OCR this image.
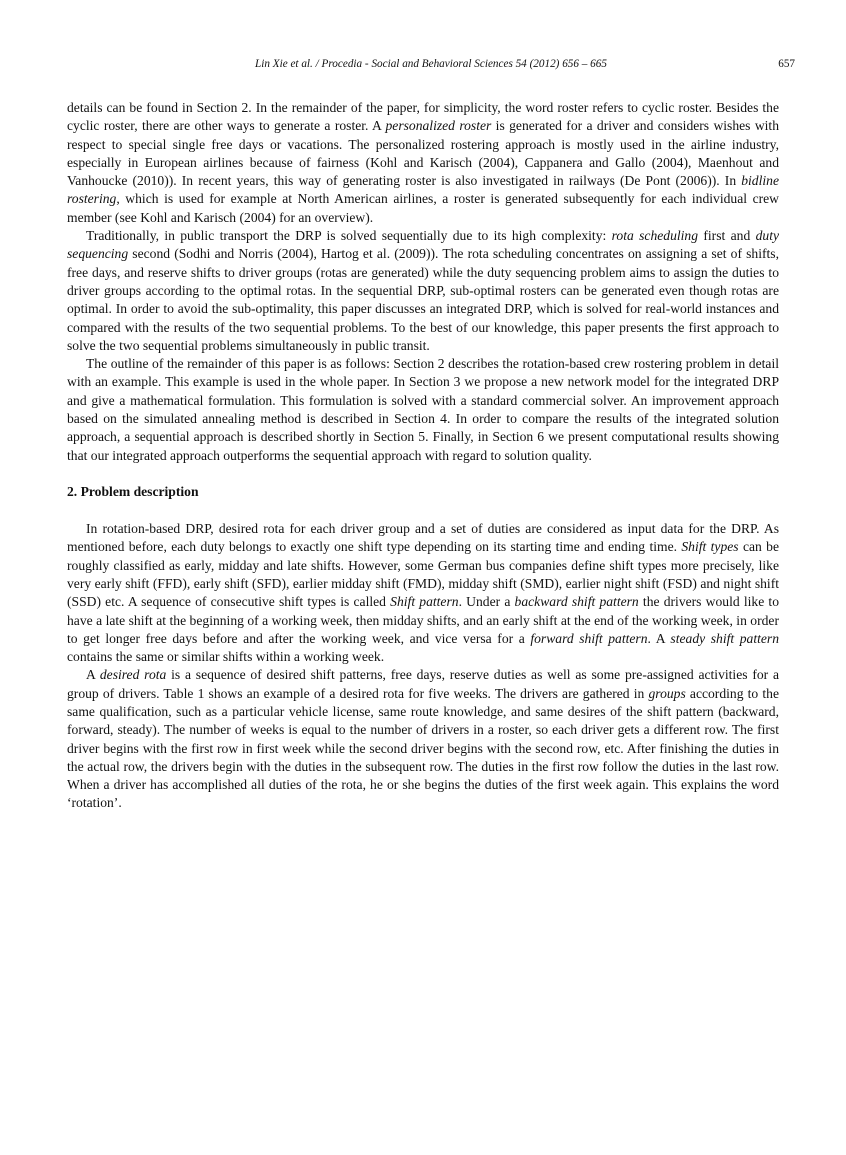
Lin Xie et al. / Procedia - Social and Behavioral Sciences 54 (2012) 656 – 665	657

details can be found in Section 2. In the remainder of the paper, for simplicity, the word roster refers to cyclic roster. Besides the cyclic roster, there are other ways to generate a roster. A personalized roster is generated for a driver and considers wishes with respect to special single free days or vacations. The personalized rostering approach is mostly used in the airline industry, especially in European airlines because of fairness (Kohl and Karisch (2004), Cappanera and Gallo (2004), Maenhout and Vanhoucke (2010)). In recent years, this way of generating roster is also investigated in railways (De Pont (2006)). In bidline rostering, which is used for example at North American airlines, a roster is generated subsequently for each individual crew member (see Kohl and Karisch (2004) for an overview).

Traditionally, in public transport the DRP is solved sequentially due to its high complexity: rota scheduling first and duty sequencing second (Sodhi and Norris (2004), Hartog et al. (2009)). The rota scheduling concentrates on assigning a set of shifts, free days, and reserve shifts to driver groups (rotas are generated) while the duty sequencing problem aims to assign the duties to driver groups according to the optimal rotas. In the sequential DRP, sub-optimal rosters can be generated even though rotas are optimal. In order to avoid the sub-optimality, this paper discusses an integrated DRP, which is solved for real-world instances and compared with the results of the two sequential problems. To the best of our knowledge, this paper presents the first approach to solve the two sequential problems simultaneously in public transit.

The outline of the remainder of this paper is as follows: Section 2 describes the rotation-based crew rostering problem in detail with an example. This example is used in the whole paper. In Section 3 we propose a new network model for the integrated DRP and give a mathematical formulation. This formulation is solved with a standard commercial solver. An improvement approach based on the simulated annealing method is described in Section 4. In order to compare the results of the integrated solution approach, a sequential approach is described shortly in Section 5. Finally, in Section 6 we present computational results showing that our integrated approach outperforms the sequential approach with regard to solution quality.

2. Problem description

In rotation-based DRP, desired rota for each driver group and a set of duties are considered as input data for the DRP. As mentioned before, each duty belongs to exactly one shift type depending on its starting time and ending time. Shift types can be roughly classified as early, midday and late shifts. However, some German bus companies define shift types more precisely, like very early shift (FFD), early shift (SFD), earlier midday shift (FMD), midday shift (SMD), earlier night shift (FSD) and night shift (SSD) etc. A sequence of consecutive shift types is called Shift pattern. Under a backward shift pattern the drivers would like to have a late shift at the beginning of a working week, then midday shifts, and an early shift at the end of the working week, in order to get longer free days before and after the working week, and vice versa for a forward shift pattern. A steady shift pattern contains the same or similar shifts within a working week.

A desired rota is a sequence of desired shift patterns, free days, reserve duties as well as some pre-assigned activities for a group of drivers. Table 1 shows an example of a desired rota for five weeks. The drivers are gathered in groups according to the same qualification, such as a particular vehicle license, same route knowledge, and same desires of the shift pattern (backward, forward, steady). The number of weeks is equal to the number of drivers in a roster, so each driver gets a different row. The first driver begins with the first row in first week while the second driver begins with the second row, etc. After finishing the duties in the actual row, the drivers begin with the duties in the subsequent row. The duties in the first row follow the duties in the last row. When a driver has accomplished all duties of the rota, he or she begins the duties of the first week again. This explains the word ‘rotation’.
